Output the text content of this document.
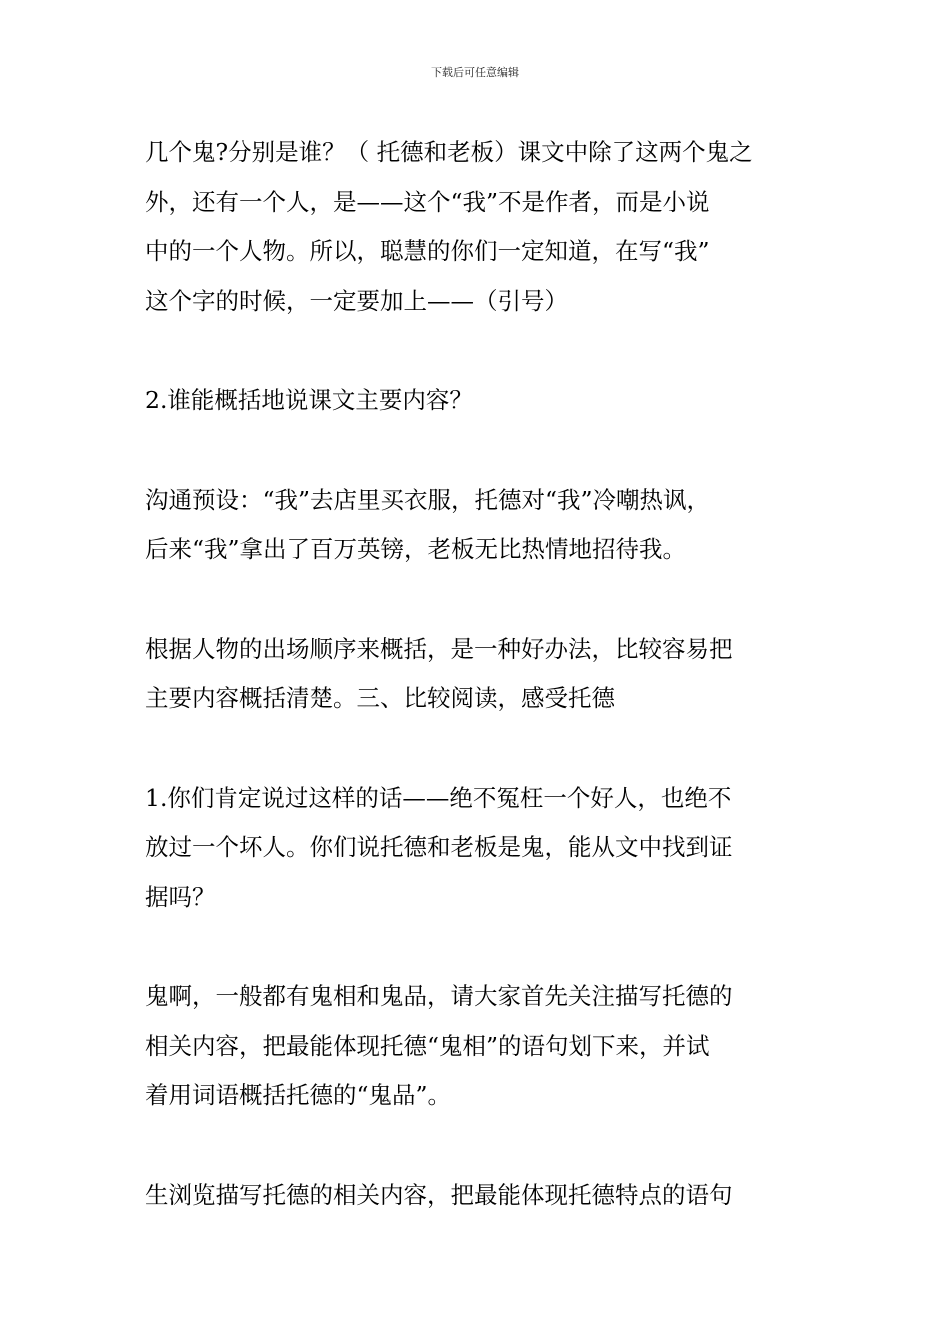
下载后可任意编辑
几个鬼?分别是谁？（ 托德和老板）课文中除了这两个鬼之
外，还有一个人，是——这个“我”不是作者，而是小说
中的一个人物。所以，聪慧的你们一定知道，在写“我”
这个字的时候，一定要加上——（引号）
2.谁能概括地说课文主要内容？
沟通预设：“我”去店里买衣服，托德对“我”冷嘲热讽，
后来“我”拿出了百万英镑，老板无比热情地招待我。
根据人物的出场顺序来概括，是一种好办法，比较容易把
主要内容概括清楚。三、比较阅读，感受托德
1.你们肯定说过这样的话——绝不冤枉一个好人，也绝不
放过一个坏人。你们说托德和老板是鬼，能从文中找到证
据吗？
鬼啊，一般都有鬼相和鬼品，请大家首先关注描写托德的
相关内容，把最能体现托德“鬼相”的语句划下来，并试
着用词语概括托德的“鬼品”。
生浏览描写托德的相关内容，把最能体现托德特点的语句
